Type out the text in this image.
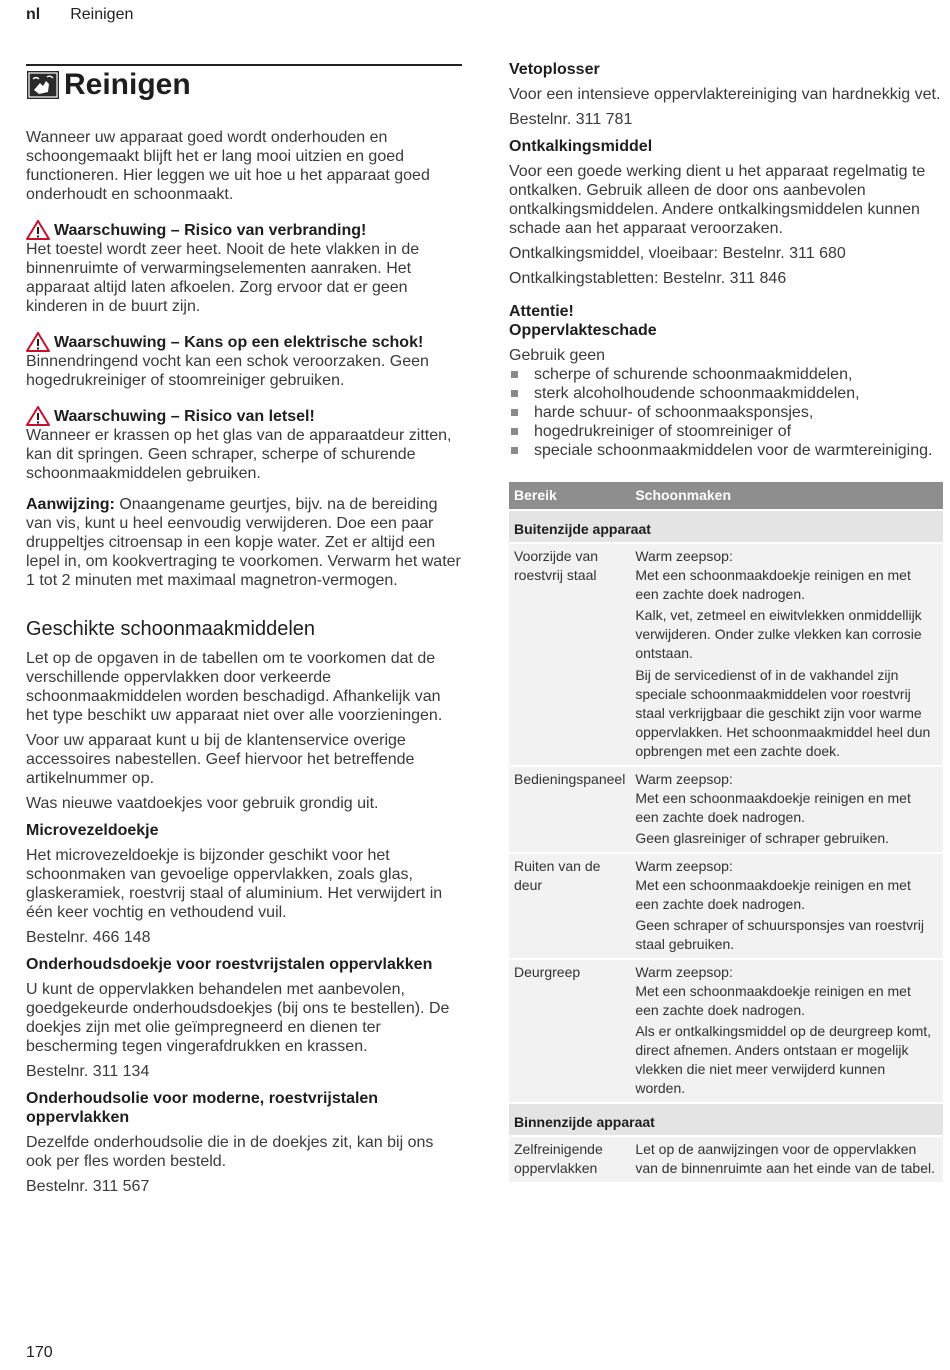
nl Reinigen
Reinigen

Wanneer uw apparaat goed wordt onderhouden en schoongemaakt blijft het er lang mooi uitzien en goed functioneren. Hier leggen we uit hoe u het apparaat goed onderhoudt en schoonmaakt.

Waarschuwing – Risico van verbranding!

Het toestel wordt zeer heet. Nooit de hete vlakken in de binnenruimte of verwarmingselementen aanraken. Het apparaat altijd laten afkoelen. Zorg ervoor dat er geen kinderen in de buurt zijn.

Waarschuwing – Kans op een elektrische schok!

Binnendringend vocht kan een schok veroorzaken. Geen hogedrukreiniger of stoomreiniger gebruiken.

Waarschuwing – Risico van letsel!

Wanneer er krassen op het glas van de apparaatdeur zitten, kan dit springen. Geen schraper, scherpe of schurende schoonmaakmiddelen gebruiken.

Aanwijzing: Onaangename geurtjes, bijv. na de bereiding van vis, kunt u heel eenvoudig verwijderen. Doe een paar druppeltjes citroensap in een kopje water. Zet er altijd een lepel in, om kookvertraging te voorkomen. Verwarm het water 1 tot 2 minuten met maximaal magnetron-vermogen.

Geschikte schoonmaakmiddelen

Let op de opgaven in de tabellen om te voorkomen dat de verschillende oppervlakken door verkeerde schoonmaakmiddelen worden beschadigd. Afhankelijk van het type beschikt uw apparaat niet over alle voorzieningen.

Voor uw apparaat kunt u bij de klantenservice overige accessoires nabestellen. Geef hiervoor het betreffende artikelnummer op.

Was nieuwe vaatdoekjes voor gebruik grondig uit.

Microvezeldoekje

Het microvezeldoekje is bijzonder geschikt voor het schoonmaken van gevoelige oppervlakken, zoals glas, glaskeramiek, roestvrij staal of aluminium. Het verwijdert in één keer vochtig en vethoudend vuil.

Bestelnr. 466 148

Onderhoudsdoekje voor roestvrijstalen oppervlakken

U kunt de oppervlakken behandelen met aanbevolen, goedgekeurde onderhoudsdoekjes (bij ons te bestellen). De doekjes zijn met olie geïmpregneerd en dienen ter bescherming tegen vingerafdrukken en krassen.

Bestelnr. 311 134

Onderhoudsolie voor moderne, roestvrijstalen oppervlakken

Dezelfde onderhoudsolie die in de doekjes zit, kan bij ons ook per fles worden besteld.

Bestelnr. 311 567

Vetoplosser

Voor een intensieve oppervlaktereiniging van hardnekkig vet.

Bestelnr. 311 781

Ontkalkingsmiddel

Voor een goede werking dient u het apparaat regelmatig te ontkalken. Gebruik alleen de door ons aanbevolen ontkalkingsmiddelen. Andere ontkalkingsmiddelen kunnen schade aan het apparaat veroorzaken.

Ontkalkingsmiddel, vloeibaar: Bestelnr. 311 680

Ontkalkingstabletten: Bestelnr. 311 846

Attentie!
Oppervlakteschade

Gebruik geen

scherpe of schurende schoonmaakmiddelen,
sterk alcoholhoudende schoonmaakmiddelen,
harde schuur- of schoonmaaksponsjes,
hogedrukreiniger of stoomreiniger of
speciale schoonmaakmiddelen voor de warmtereiniging.
Bereik	Schoonmaken
Buitenzijde apparaat	
Voorzijde van roestvrij staal	Warm zeepsop:
Met een schoonmaakdoekje reinigen en met een zachte doek nadrogen.
Kalk, vet, zetmeel en eiwitvlekken onmiddellijk verwijderen. Onder zulke vlekken kan corrosie ontstaan.
Bij de servicedienst of in de vakhandel zijn speciale schoonmaakmiddelen voor roestvrij staal verkrijgbaar die geschikt zijn voor warme oppervlakken. Het schoonmaakmiddel heel dun opbrengen met een zachte doek.

Bedieningspaneel	Warm zeepsop:
Met een schoonmaakdoekje reinigen en met een zachte doek nadrogen.
Geen glasreiniger of schraper gebruiken.

Ruiten van de deur	Warm zeepsop:
Met een schoonmaakdoekje reinigen en met een zachte doek nadrogen.
Geen schraper of schuursponsjes van roestvrij staal gebruiken.

Deurgreep	Warm zeepsop:
Met een schoonmaakdoekje reinigen en met een zachte doek nadrogen.
Als er ontkalkingsmiddel op de deurgreep komt, direct afnemen. Anders ontstaan er mogelijk vlekken die niet meer verwijderd kunnen worden.

Binnenzijde apparaat	
Zelfreinigende oppervlakken	Let op de aanwijzingen voor de oppervlakken van de binnenruimte aan het einde van de tabel.
170
